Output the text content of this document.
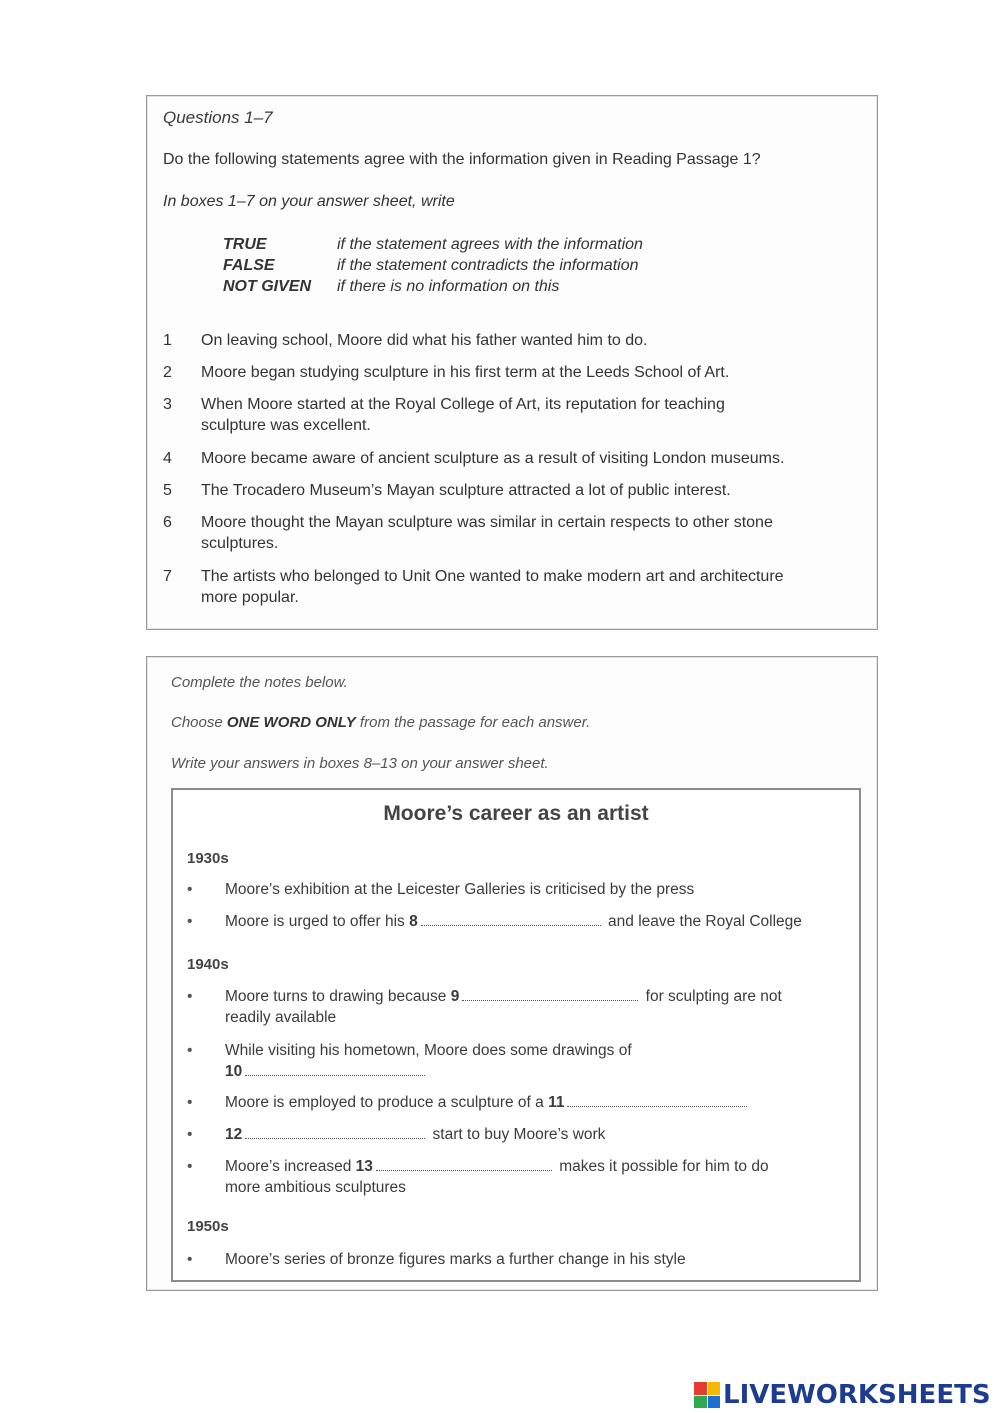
Questions 1–7
Do the following statements agree with the information given in Reading Passage 1?
In boxes 1–7 on your answer sheet, write
TRUE	if the statement agrees with the information
FALSE	if the statement contradicts the information
NOT GIVEN	if there is no information on this
1	On leaving school, Moore did what his father wanted him to do.
2	Moore began studying sculpture in his first term at the Leeds School of Art.
3	When Moore started at the Royal College of Art, its reputation for teaching
sculpture was excellent.
4	Moore became aware of ancient sculpture as a result of visiting London museums.
5	The Trocadero Museum’s Mayan sculpture attracted a lot of public interest.
6	Moore thought the Mayan sculpture was similar in certain respects to other stone
sculptures.
7	The artists who belonged to Unit One wanted to make modern art and architecture
more popular.
Complete the notes below.
Choose ONE WORD ONLY from the passage for each answer.
Write your answers in boxes 8–13 on your answer sheet.
Moore’s career as an artist
1930s
•	Moore’s exhibition at the Leicester Galleries is criticised by the press
•	Moore is urged to offer his 8	and leave the Royal College
1940s
•	Moore turns to drawing because 9	for sculpting are not
readily available
•	While visiting his hometown, Moore does some drawings of
10
•	Moore is employed to produce a sculpture of a 11
•	12	start to buy Moore’s work
•	Moore’s increased 13	makes it possible for him to do
more ambitious sculptures
1950s
•	Moore’s series of bronze figures marks a further change in his style
LIVEWORKSHEETS
